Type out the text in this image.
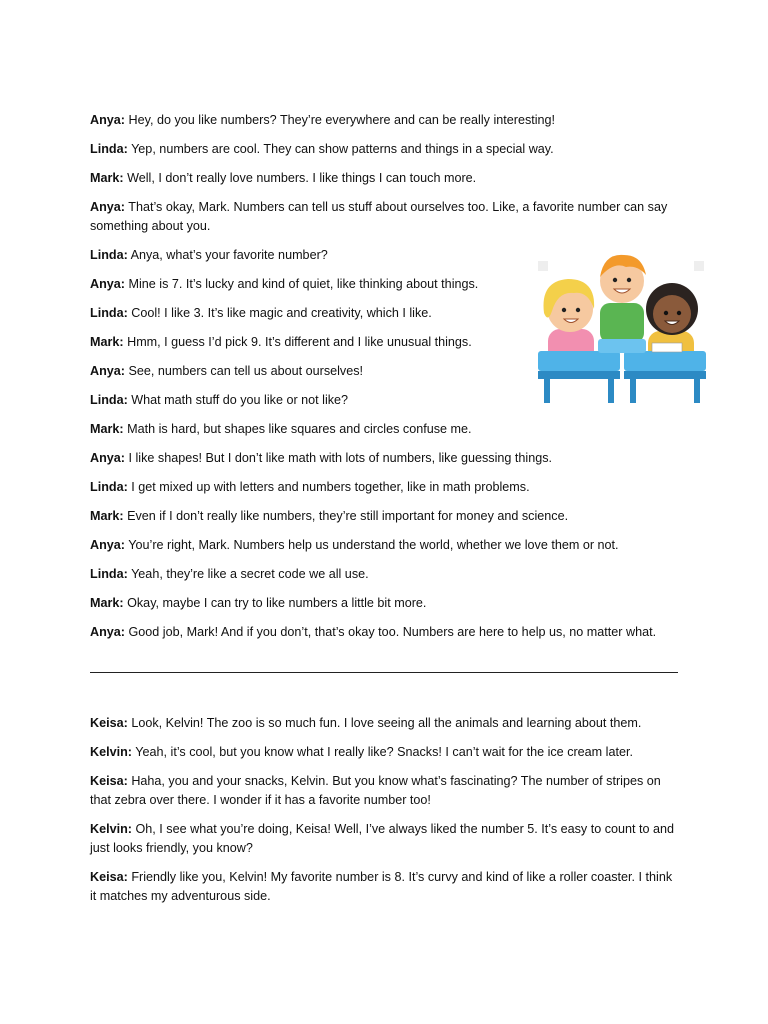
Anya: Hey, do you like numbers? They’re everywhere and can be really interesting!

Linda: Yep, numbers are cool. They can show patterns and things in a special way.

Mark: Well, I don’t really love numbers. I like things I can touch more.

Anya: That’s okay, Mark. Numbers can tell us stuff about ourselves too. Like, a favorite number can say something about you.

Linda: Anya, what’s your favorite number?

Anya: Mine is 7. It’s lucky and kind of quiet, like thinking about things.

Linda: Cool! I like 3. It’s like magic and creativity, which I like.

Mark: Hmm, I guess I’d pick 9. It’s different and I like unusual things.

Anya: See, numbers can tell us about ourselves!

Linda: What math stuff do you like or not like?

Mark: Math is hard, but shapes like squares and circles confuse me.

Anya: I like shapes! But I don’t like math with lots of numbers, like guessing things.

Linda: I get mixed up with letters and numbers together, like in math problems.

Mark: Even if I don’t really like numbers, they’re still important for money and science.

Anya: You’re right, Mark. Numbers help us understand the world, whether we love them or not.

Linda: Yeah, they’re like a secret code we all use.

Mark: Okay, maybe I can try to like numbers a little bit more.

Anya: Good job, Mark! And if you don’t, that’s okay too. Numbers are here to help us, no matter what.

Keisa: Look, Kelvin! The zoo is so much fun. I love seeing all the animals and learning about them.

Kelvin: Yeah, it’s cool, but you know what I really like? Snacks! I can’t wait for the ice cream later.

Keisa: Haha, you and your snacks, Kelvin. But you know what’s fascinating? The number of stripes on that zebra over there. I wonder if it has a favorite number too!

Kelvin: Oh, I see what you’re doing, Keisa! Well, I’ve always liked the number 5. It’s easy to count to and just looks friendly, you know?

Keisa: Friendly like you, Kelvin! My favorite number is 8. It’s curvy and kind of like a roller coaster. I think it matches my adventurous side.
